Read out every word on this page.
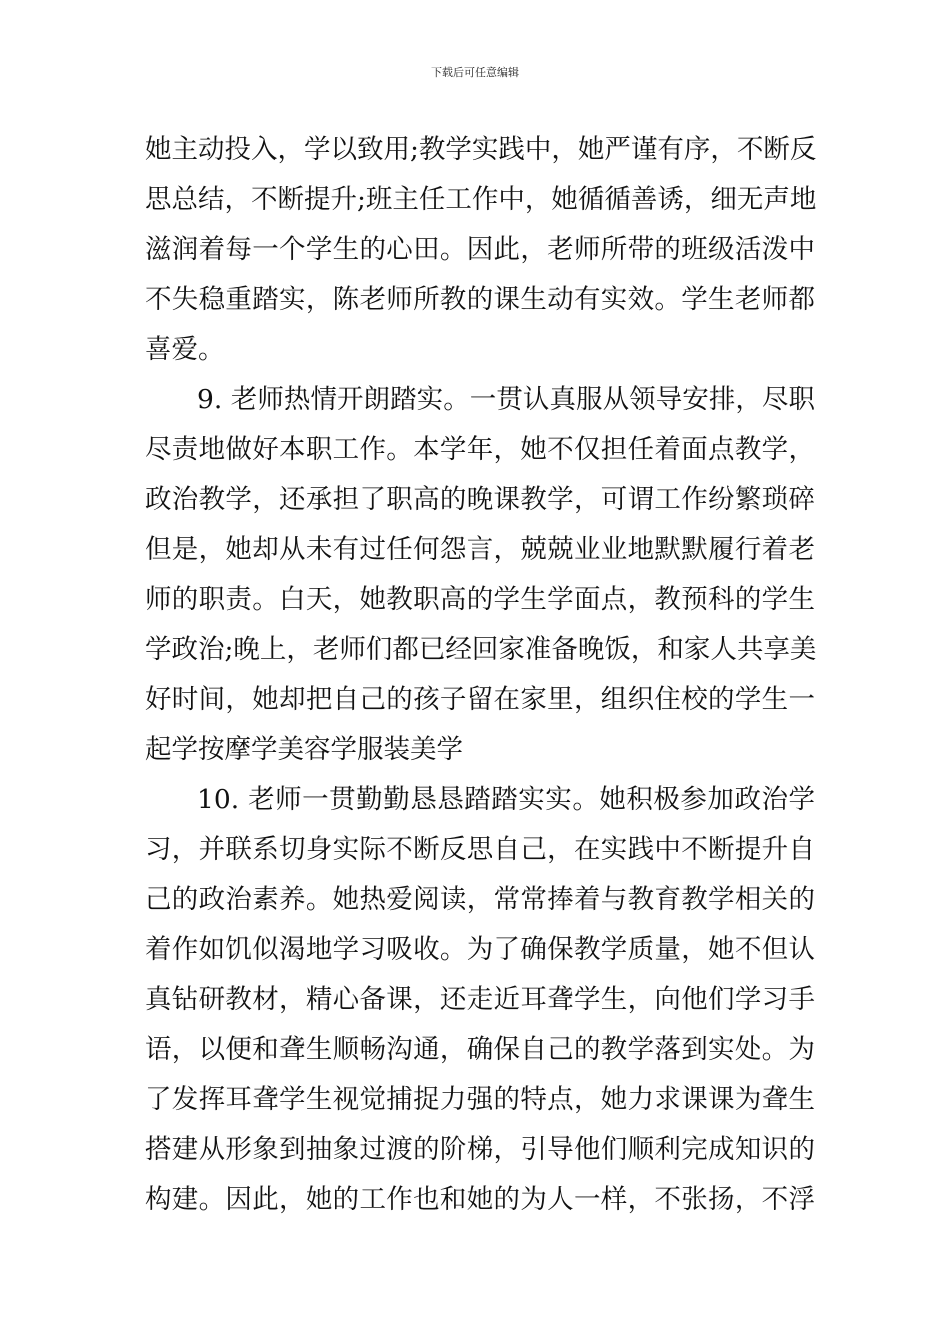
下载后可任意编辑
她主动投入，学以致用;教学实践中，她严谨有序，不断反
思总结，不断提升;班主任工作中，她循循善诱，细无声地
滋润着每一个学生的心田。因此，老师所带的班级活泼中
不失稳重踏实，陈老师所教的课生动有实效。学生老师都
喜爱。
9. 老师热情开朗踏实。一贯认真服从领导安排，尽职
尽责地做好本职工作。本学年，她不仅担任着面点教学，
政治教学，还承担了职高的晚课教学，可谓工作纷繁琐碎
但是，她却从未有过任何怨言，兢兢业业地默默履行着老
师的职责。白天，她教职高的学生学面点，教预科的学生
学政治;晚上，老师们都已经回家准备晚饭，和家人共享美
好时间，她却把自己的孩子留在家里，组织住校的学生一
起学按摩学美容学服装美学
10. 老师一贯勤勤恳恳踏踏实实。她积极参加政治学
习，并联系切身实际不断反思自己，在实践中不断提升自
己的政治素养。她热爱阅读，常常捧着与教育教学相关的
着作如饥似渴地学习吸收。为了确保教学质量，她不但认
真钻研教材，精心备课，还走近耳聋学生，向他们学习手
语，以便和聋生顺畅沟通，确保自己的教学落到实处。为
了发挥耳聋学生视觉捕捉力强的特点，她力求课课为聋生
搭建从形象到抽象过渡的阶梯，引导他们顺利完成知识的
构建。因此，她的工作也和她的为人一样，不张扬，不浮
